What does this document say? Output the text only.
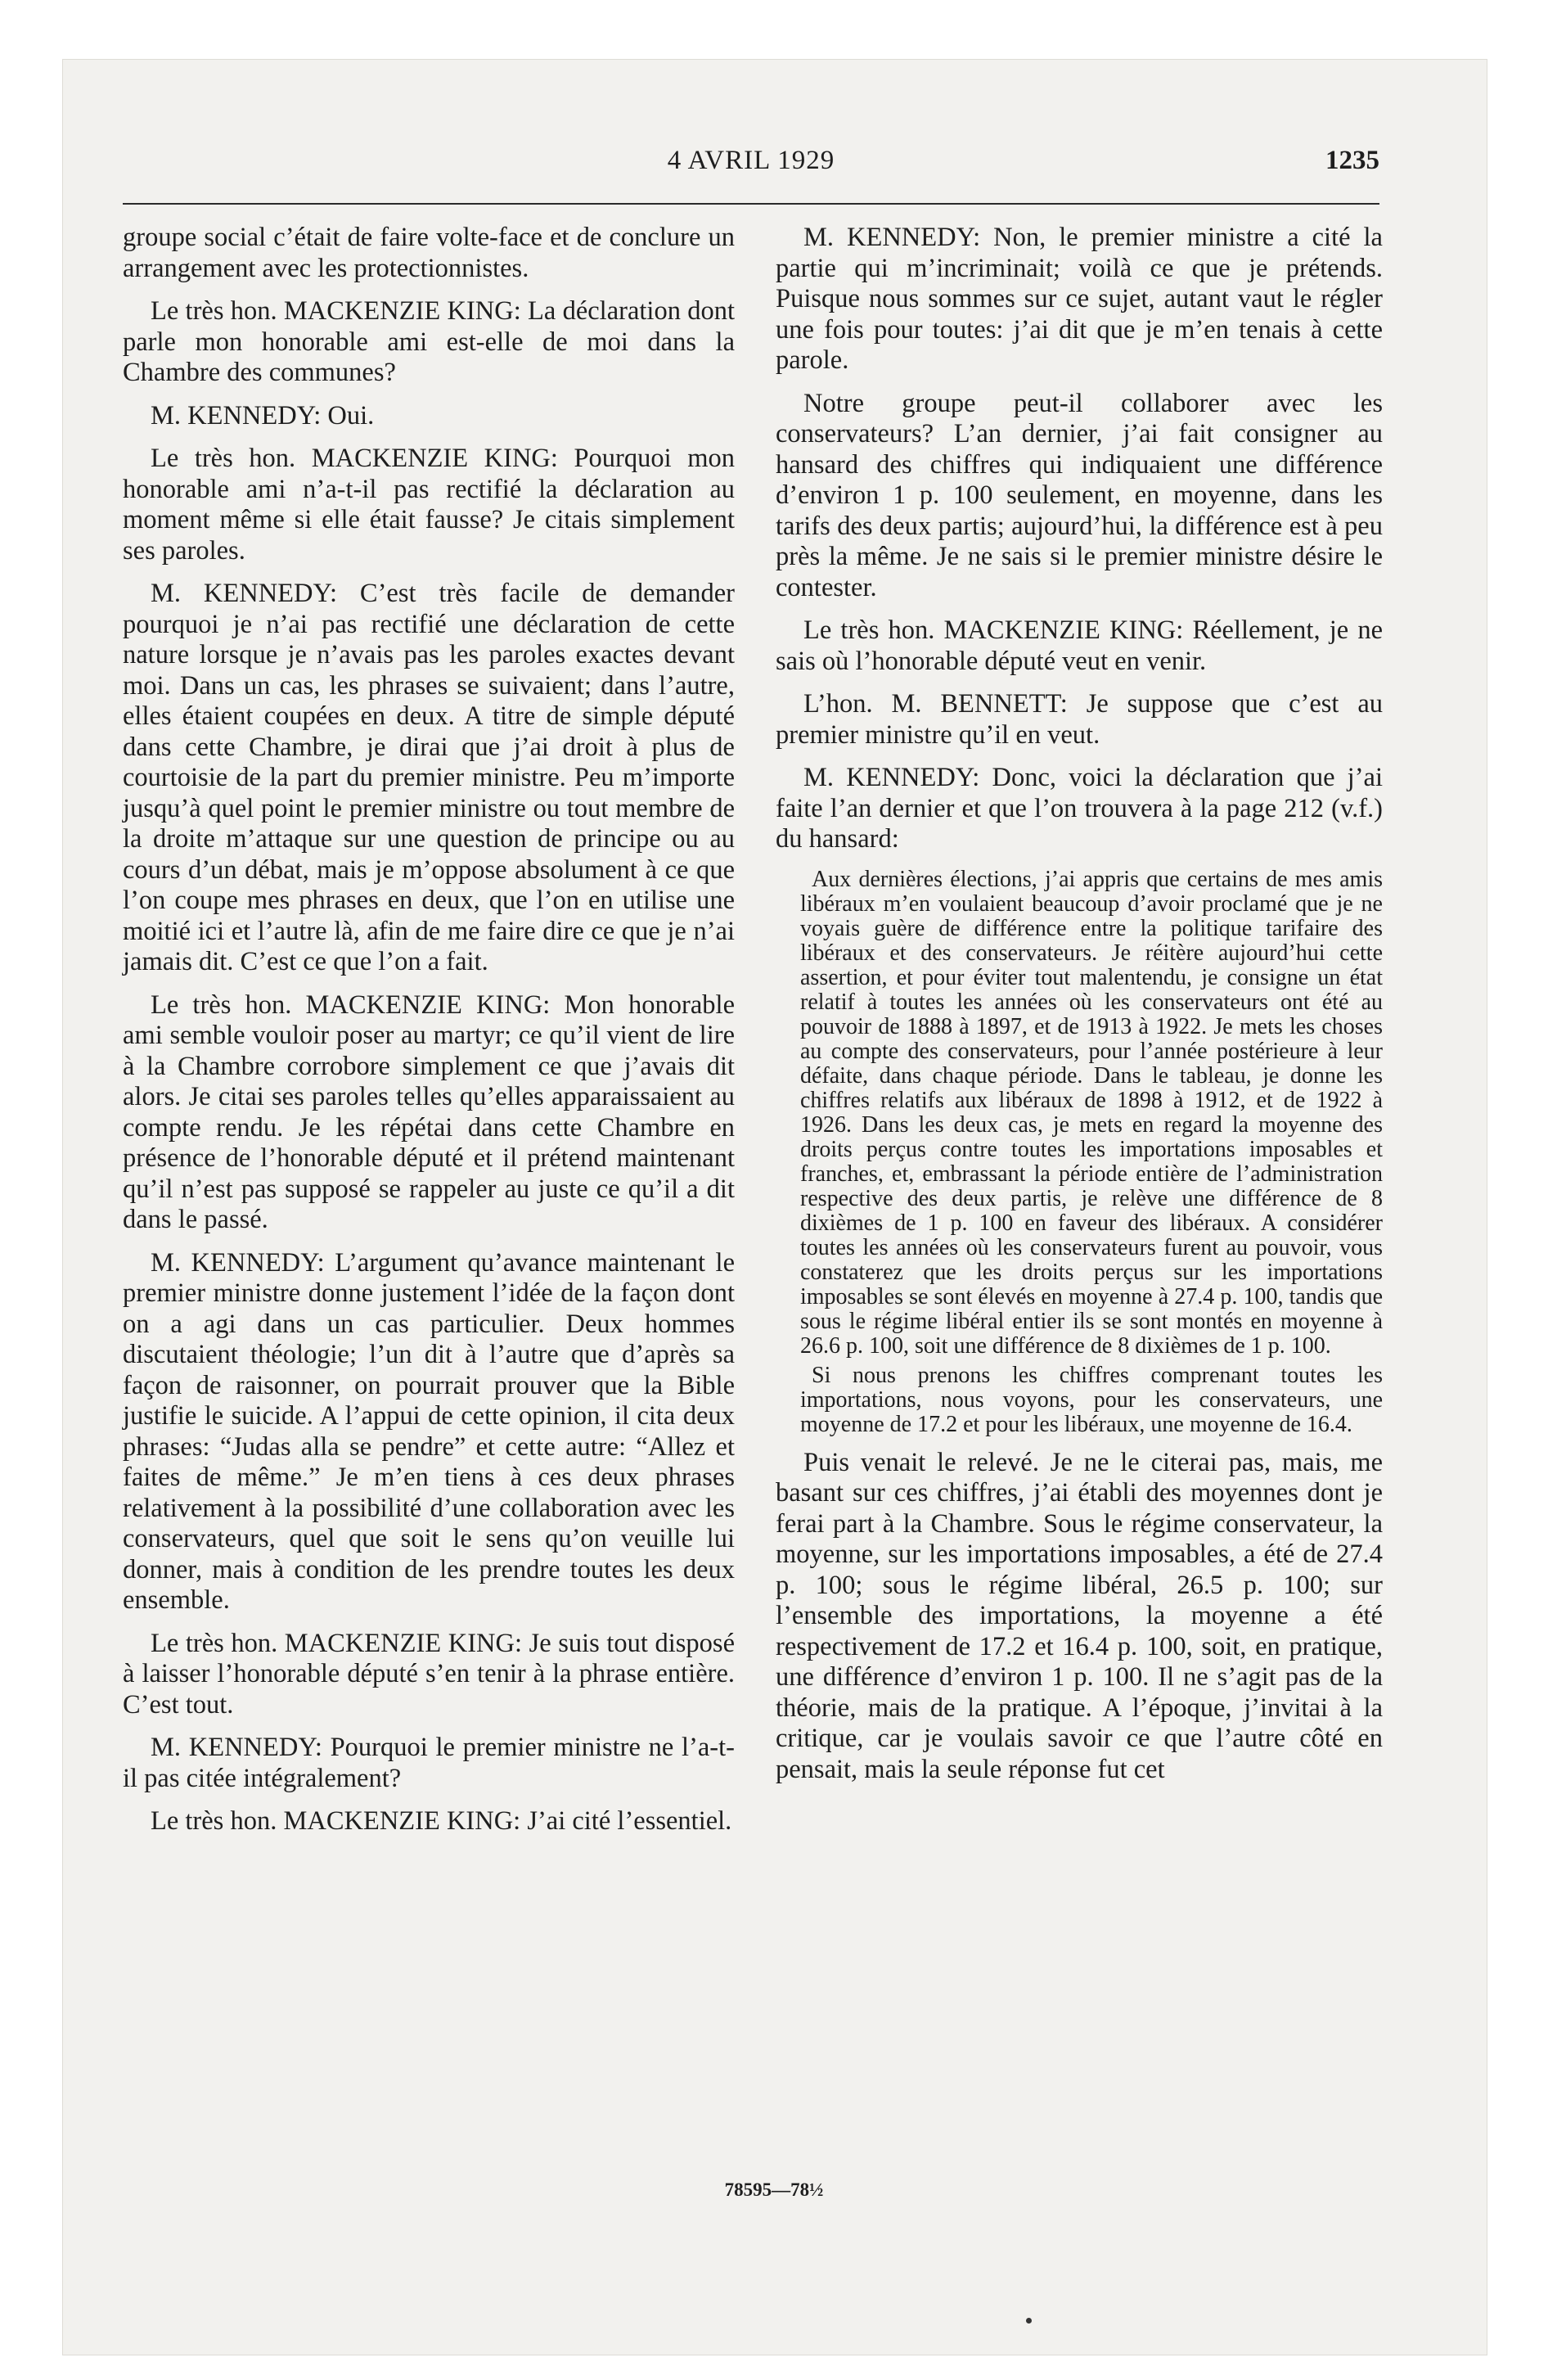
4 AVRIL 1929	1235

groupe social c’était de faire volte-face et de conclure un arrangement avec les protectionnistes.

Le très hon. MACKENZIE KING: La déclaration dont parle mon honorable ami est-elle de moi dans la Chambre des communes?

M. KENNEDY: Oui.

Le très hon. MACKENZIE KING: Pourquoi mon honorable ami n’a-t-il pas rectifié la déclaration au moment même si elle était fausse? Je citais simplement ses paroles.

M. KENNEDY: C’est très facile de demander pourquoi je n’ai pas rectifié une déclaration de cette nature lorsque je n’avais pas les paroles exactes devant moi. Dans un cas, les phrases se suivaient; dans l’autre, elles étaient coupées en deux. A titre de simple député dans cette Chambre, je dirai que j’ai droit à plus de courtoisie de la part du premier ministre. Peu m’importe jusqu’à quel point le premier ministre ou tout membre de la droite m’attaque sur une question de principe ou au cours d’un débat, mais je m’oppose absolument à ce que l’on coupe mes phrases en deux, que l’on en utilise une moitié ici et l’autre là, afin de me faire dire ce que je n’ai jamais dit. C’est ce que l’on a fait.

Le très hon. MACKENZIE KING: Mon honorable ami semble vouloir poser au martyr; ce qu’il vient de lire à la Chambre corrobore simplement ce que j’avais dit alors. Je citai ses paroles telles qu’elles apparaissaient au compte rendu. Je les répétai dans cette Chambre en présence de l’honorable député et il prétend maintenant qu’il n’est pas supposé se rappeler au juste ce qu’il a dit dans le passé.

M. KENNEDY: L’argument qu’avance maintenant le premier ministre donne justement l’idée de la façon dont on a agi dans un cas particulier. Deux hommes discutaient théologie; l’un dit à l’autre que d’après sa façon de raisonner, on pourrait prouver que la Bible justifie le suicide. A l’appui de cette opinion, il cita deux phrases: “Judas alla se pendre” et cette autre: “Allez et faites de même.” Je m’en tiens à ces deux phrases relativement à la possibilité d’une collaboration avec les conservateurs, quel que soit le sens qu’on veuille lui donner, mais à condition de les prendre toutes les deux ensemble.

Le très hon. MACKENZIE KING: Je suis tout disposé à laisser l’honorable député s’en tenir à la phrase entière. C’est tout.

M. KENNEDY: Pourquoi le premier ministre ne l’a-t-il pas citée intégralement?

Le très hon. MACKENZIE KING: J’ai cité l’essentiel.

M. KENNEDY: Non, le premier ministre a cité la partie qui m’incriminait; voilà ce que je prétends. Puisque nous sommes sur ce sujet, autant vaut le régler une fois pour toutes: j’ai dit que je m’en tenais à cette parole.

Notre groupe peut-il collaborer avec les conservateurs? L’an dernier, j’ai fait consigner au hansard des chiffres qui indiquaient une différence d’environ 1 p. 100 seulement, en moyenne, dans les tarifs des deux partis; aujourd’hui, la différence est à peu près la même. Je ne sais si le premier ministre désire le contester.

Le très hon. MACKENZIE KING: Réellement, je ne sais où l’honorable député veut en venir.

L’hon. M. BENNETT: Je suppose que c’est au premier ministre qu’il en veut.

M. KENNEDY: Donc, voici la déclaration que j’ai faite l’an dernier et que l’on trouvera à la page 212 (v.f.) du hansard:

Aux dernières élections, j’ai appris que certains de mes amis libéraux m’en voulaient beaucoup d’avoir proclamé que je ne voyais guère de différence entre la politique tarifaire des libéraux et des conservateurs. Je réitère aujourd’hui cette assertion, et pour éviter tout malentendu, je consigne un état relatif à toutes les années où les conservateurs ont été au pouvoir de 1888 à 1897, et de 1913 à 1922. Je mets les choses au compte des conservateurs, pour l’année postérieure à leur défaite, dans chaque période. Dans le tableau, je donne les chiffres relatifs aux libéraux de 1898 à 1912, et de 1922 à 1926. Dans les deux cas, je mets en regard la moyenne des droits perçus contre toutes les importations imposables et franches, et, embrassant la période entière de l’administration respective des deux partis, je relève une différence de 8 dixièmes de 1 p. 100 en faveur des libéraux. A considérer toutes les années où les conservateurs furent au pouvoir, vous constaterez que les droits perçus sur les importations imposables se sont élevés en moyenne à 27.4 p. 100, tandis que sous le régime libéral entier ils se sont montés en moyenne à 26.6 p. 100, soit une différence de 8 dixièmes de 1 p. 100.

Si nous prenons les chiffres comprenant toutes les importations, nous voyons, pour les conservateurs, une moyenne de 17.2 et pour les libéraux, une moyenne de 16.4.

Puis venait le relevé. Je ne le citerai pas, mais, me basant sur ces chiffres, j’ai établi des moyennes dont je ferai part à la Chambre. Sous le régime conservateur, la moyenne, sur les importations imposables, a été de 27.4 p. 100; sous le régime libéral, 26.5 p. 100; sur l’ensemble des importations, la moyenne a été respectivement de 17.2 et 16.4 p. 100, soit, en pratique, une différence d’environ 1 p. 100. Il ne s’agit pas de la théorie, mais de la pratique. A l’époque, j’invitai à la critique, car je voulais savoir ce que l’autre côté en pensait, mais la seule réponse fut cet

78595—78½
